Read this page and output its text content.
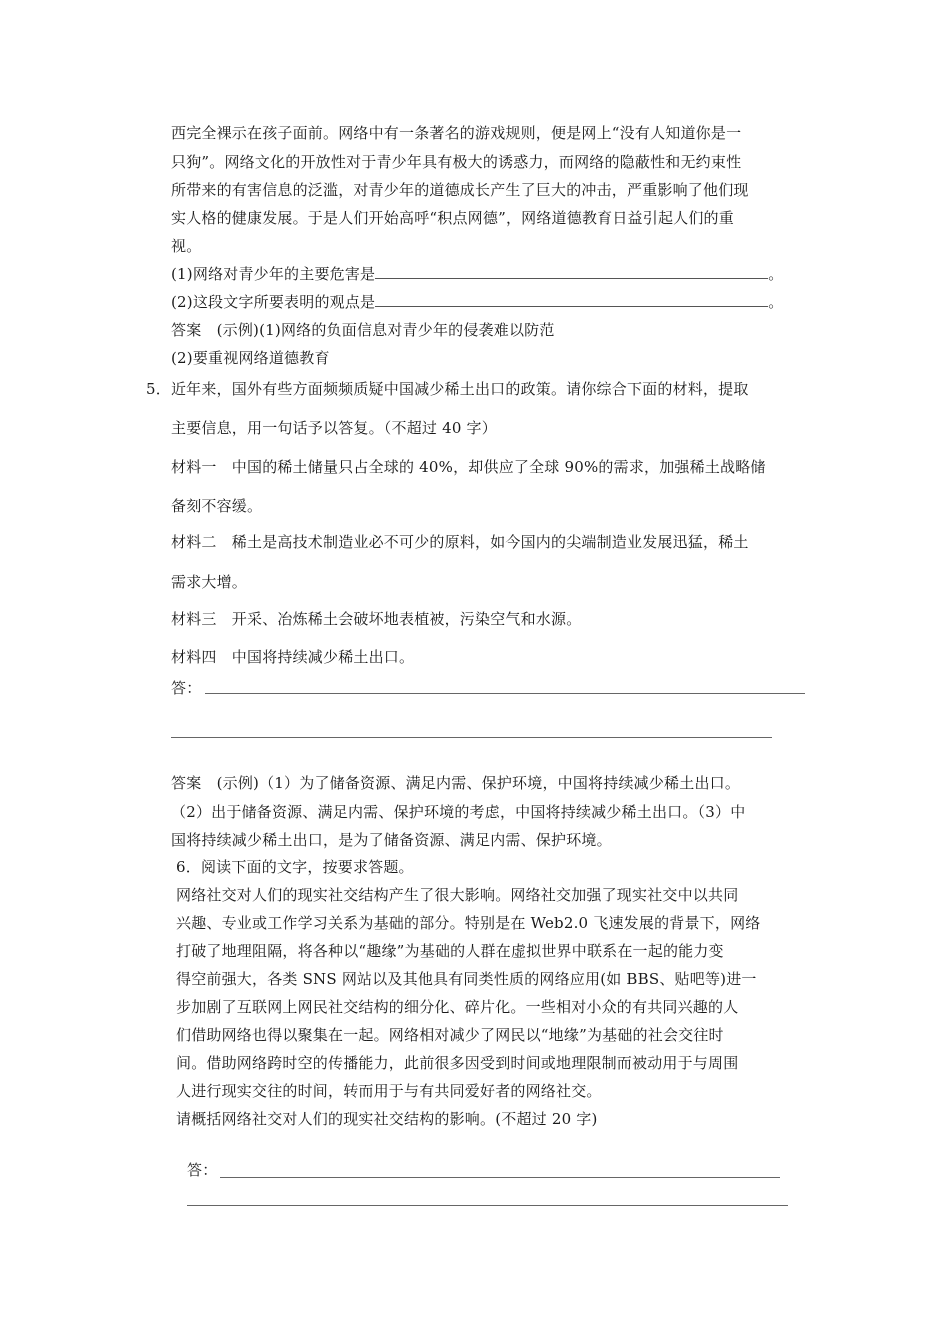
西完全裸示在孩子面前。网络中有一条著名的游戏规则，便是网上“没有人知道你是一
只狗”。网络文化的开放性对于青少年具有极大的诱惑力，而网络的隐蔽性和无约束性
所带来的有害信息的泛滥，对青少年的道德成长产生了巨大的冲击，严重影响了他们现
实人格的健康发展。于是人们开始高呼“积点网德”，网络道德教育日益引起人们的重
视。
(1)网络对青少年的主要危害是	。
(2)这段文字所要表明的观点是	。
答案　(示例)(1)网络的负面信息对青少年的侵袭难以防范
(2)要重视网络道德教育
5．近年来，国外有些方面频频质疑中国减少稀土出口的政策。请你综合下面的材料，提取
主要信息，用一句话予以答复。（不超过 40 字）
材料一　中国的稀土储量只占全球的 40%，却供应了全球 90%的需求，加强稀土战略储
备刻不容缓。
材料二　稀土是高技术制造业必不可少的原料，如今国内的尖端制造业发展迅猛，稀土
需求大增。
材料三　开采、冶炼稀土会破坏地表植被，污染空气和水源。
材料四　中国将持续减少稀土出口。
答：
答案　(示例)（1）为了储备资源、满足内需、保护环境，中国将持续减少稀土出口。
（2）出于储备资源、满足内需、保护环境的考虑，中国将持续减少稀土出口。（3）中
国将持续减少稀土出口，是为了储备资源、满足内需、保护环境。
6．阅读下面的文字，按要求答题。
网络社交对人们的现实社交结构产生了很大影响。网络社交加强了现实社交中以共同
兴趣、专业或工作学习关系为基础的部分。特别是在 Web2.0 飞速发展的背景下，网络
打破了地理阻隔，将各种以“趣缘”为基础的人群在虚拟世界中联系在一起的能力变
得空前强大，各类 SNS 网站以及其他具有同类性质的网络应用(如 BBS、贴吧等)进一
步加剧了互联网上网民社交结构的细分化、碎片化。一些相对小众的有共同兴趣的人
们借助网络也得以聚集在一起。网络相对减少了网民以“地缘”为基础的社会交往时
间。借助网络跨时空的传播能力，此前很多因受到时间或地理限制而被动用于与周围
人进行现实交往的时间，转而用于与有共同爱好者的网络社交。
请概括网络社交对人们的现实社交结构的影响。(不超过 20 字)
答：
